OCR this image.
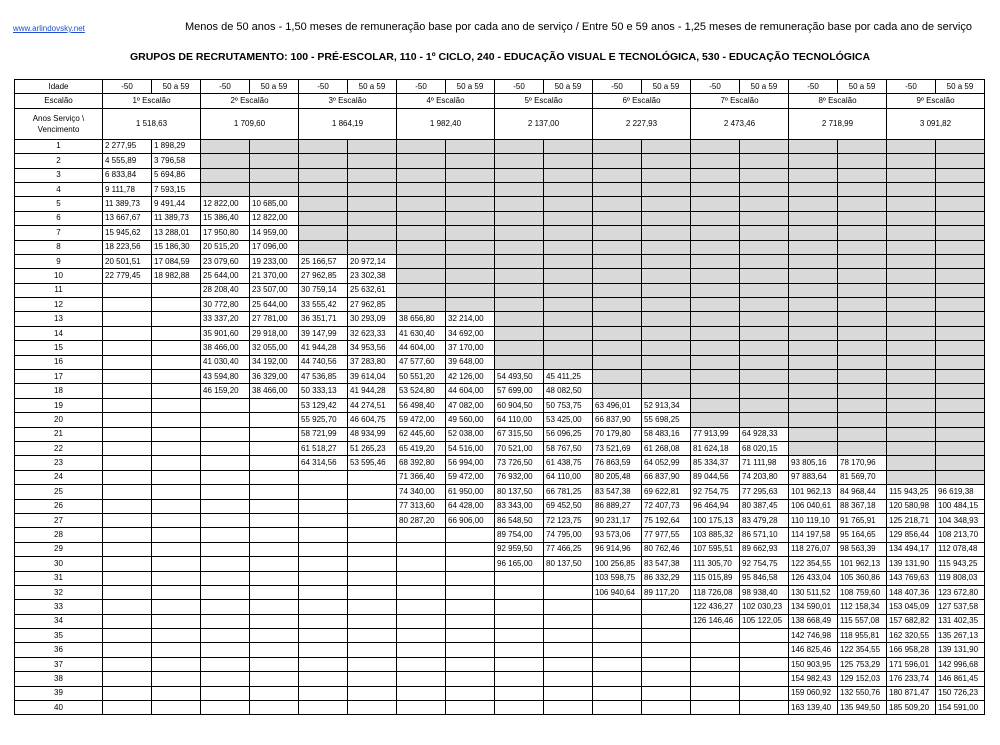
www.arlindovsky.net	Menos de 50 anos - 1,50 meses de remuneração base por cada ano de serviço / Entre 50 e 59 anos - 1,25 meses de remuneração base por cada ano de serviço
GRUPOS DE RECRUTAMENTO: 100 - PRÉ-ESCOLAR, 110 - 1º CICLO, 240 - EDUCAÇÃO VISUAL E TECNOLÓGICA, 530 - EDUCAÇÃO TECNOLÓGICA
Idade	-50	50 a 59	-50	50 a 59	-50	50 a 59	-50	50 a 59	-50	50 a 59	-50	50 a 59	-50	50 a 59	-50	50 a 59	-50	50 a 59
Escalão	1º Escalão		2º Escalão		3º Escalão		4º Escalão		5º Escalão		6º Escalão		7º Escalão		8º Escalão		9º Escalão	
Anos Serviço \ Vencimento	1 518,63		1 709,60		1 864,19		1 982,40		2 137,00		2 227,93		2 473,46		2 718,99		3 091,82	
1	2 277,95	1 898,29																
2	4 555,89	3 796,58																
3	6 833,84	5 694,86																
4	9 111,78	7 593,15																
5	11 389,73	9 491,44	12 822,00	10 685,00														
6	13 667,67	11 389,73	15 386,40	12 822,00														
7	15 945,62	13 288,01	17 950,80	14 959,00														
8	18 223,56	15 186,30	20 515,20	17 096,00														
9	20 501,51	17 084,59	23 079,60	19 233,00	25 166,57	20 972,14												
10	22 779,45	18 982,88	25 644,00	21 370,00	27 962,85	23 302,38												
11			28 208,40	23 507,00	30 759,14	25 632,61												
12			30 772,80	25 644,00	33 555,42	27 962,85												
13			33 337,20	27 781,00	36 351,71	30 293,09	38 656,80	32 214,00										
14			35 901,60	29 918,00	39 147,99	32 623,33	41 630,40	34 692,00										
15			38 466,00	32 055,00	41 944,28	34 953,56	44 604,00	37 170,00										
16			41 030,40	34 192,00	44 740,56	37 283,80	47 577,60	39 648,00										
17			43 594,80	36 329,00	47 536,85	39 614,04	50 551,20	42 126,00	54 493,50	45 411,25								
18			46 159,20	38 466,00	50 333,13	41 944,28	53 524,80	44 604,00	57 699,00	48 082,50								
19					53 129,42	44 274,51	56 498,40	47 082,00	60 904,50	50 753,75	63 496,01	52 913,34						
20					55 925,70	46 604,75	59 472,00	49 560,00	64 110,00	53 425,00	66 837,90	55 698,25						
21					58 721,99	48 934,99	62 445,60	52 038,00	67 315,50	56 096,25	70 179,80	58 483,16	77 913,99	64 928,33				
22					61 518,27	51 265,23	65 419,20	54 516,00	70 521,00	58 767,50	73 521,69	61 268,08	81 624,18	68 020,15				
23					64 314,56	53 595,46	68 392,80	56 994,00	73 726,50	61 438,75	76 863,59	64 052,99	85 334,37	71 111,98	93 805,16	78 170,96		
24							71 366,40	59 472,00	76 932,00	64 110,00	80 205,48	66 837,90	89 044,56	74 203,80	97 883,64	81 569,70		
25							74 340,00	61 950,00	80 137,50	66 781,25	83 547,38	69 622,81	92 754,75	77 295,63	101 962,13	84 968,44	115 943,25	96 619,38
26							77 313,60	64 428,00	83 343,00	69 452,50	86 889,27	72 407,73	96 464,94	80 387,45	106 040,61	88 367,18	120 580,98	100 484,15
27							80 287,20	66 906,00	86 548,50	72 123,75	90 231,17	75 192,64	100 175,13	83 479,28	110 119,10	91 765,91	125 218,71	104 348,93
28									89 754,00	74 795,00	93 573,06	77 977,55	103 885,32	86 571,10	114 197,58	95 164,65	129 856,44	108 213,70
29									92 959,50	77 466,25	96 914,96	80 762,46	107 595,51	89 662,93	118 276,07	98 563,39	134 494,17	112 078,48
30									96 165,00	80 137,50	100 256,85	83 547,38	111 305,70	92 754,75	122 354,55	101 962,13	139 131,90	115 943,25
31											103 598,75	86 332,29	115 015,89	95 846,58	126 433,04	105 360,86	143 769,63	119 808,03
32											106 940,64	89 117,20	118 726,08	98 938,40	130 511,52	108 759,60	148 407,36	123 672,80
33													122 436,27	102 030,23	134 590,01	112 158,34	153 045,09	127 537,58
34													126 146,46	105 122,05	138 668,49	115 557,08	157 682,82	131 402,35
35															142 746,98	118 955,81	162 320,55	135 267,13
36															146 825,46	122 354,55	166 958,28	139 131,90
37															150 903,95	125 753,29	171 596,01	142 996,68
38															154 982,43	129 152,03	176 233,74	146 861,45
39															159 060,92	132 550,76	180 871,47	150 726,23
40															163 139,40	135 949,50	185 509,20	154 591,00
